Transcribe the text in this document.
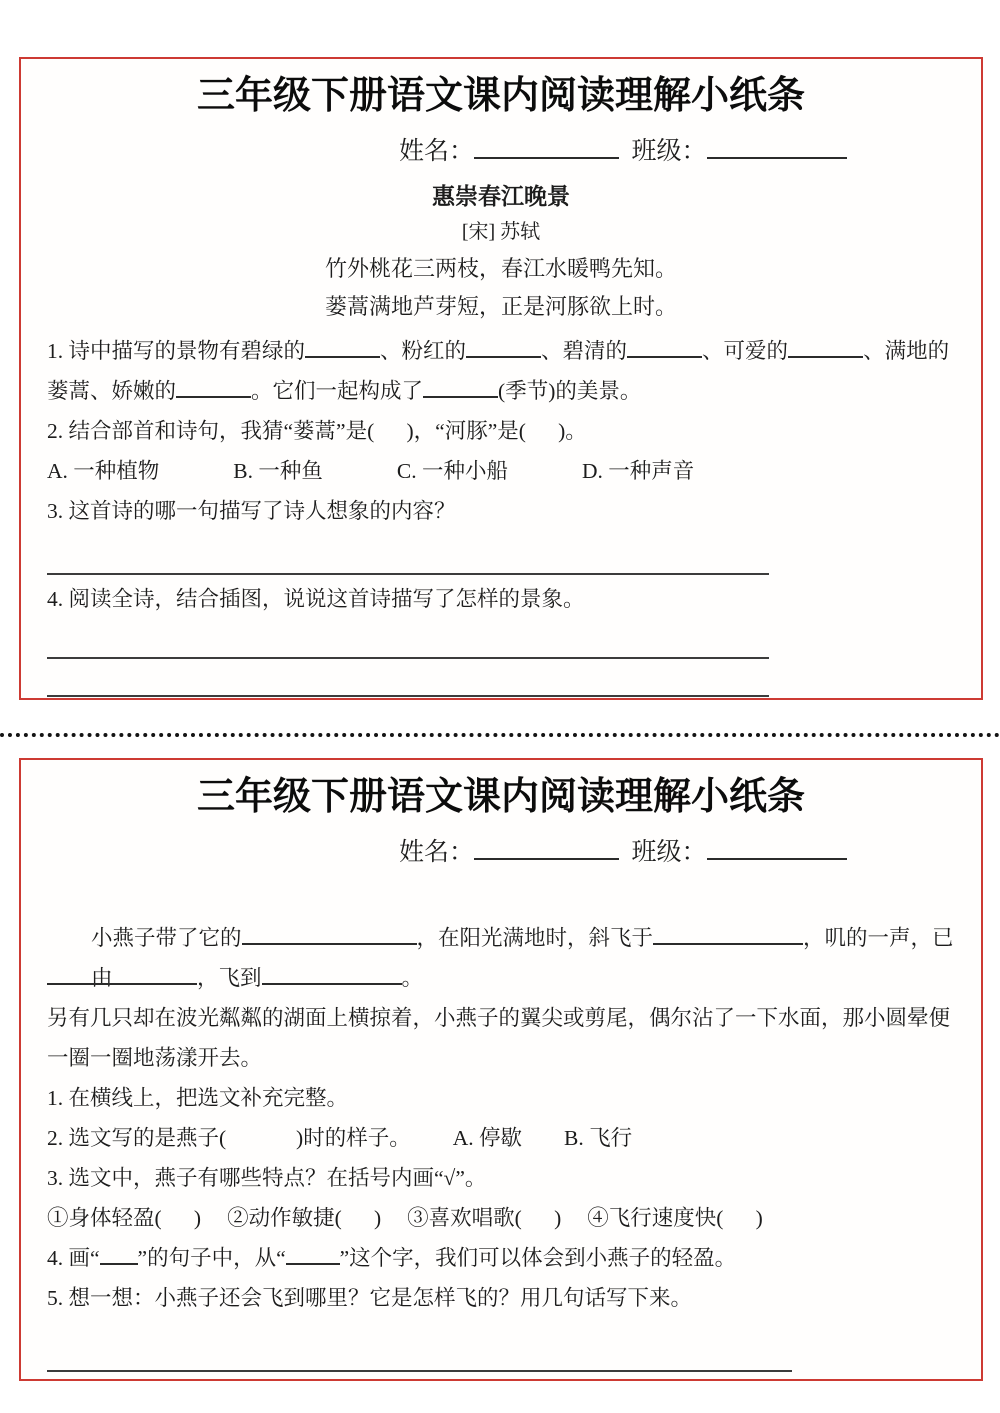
三年级下册语文课内阅读理解小纸条
姓名：	班级：
惠崇春江晚景
[宋] 苏轼
竹外桃花三两枝，春江水暖鸭先知。
蒌蒿满地芦芽短，正是河豚欲上时。
1. 诗中描写的景物有碧绿的	、粉红的	、碧清的	、可爱的	、满地的
蒌蒿、娇嫩的	。它们一起构成了	(季节)的美景。
2. 结合部首和诗句，我猜“蒌蒿”是(      )，“河豚”是(      )。
A. 一种植物	B. 一种鱼	C. 一种小船	D. 一种声音
3. 这首诗的哪一句描写了诗人想象的内容？
4. 阅读全诗，结合插图，说说这首诗描写了怎样的景象。
三年级下册语文课内阅读理解小纸条
姓名：	班级：
小燕子带了它的	，在阳光满地时，斜飞于	，叽的一声，已由	，飞到	。
另有几只却在波光粼粼的湖面上横掠着，小燕子的翼尖或剪尾，偶尔沾了一下水面，那小圆晕便一圈一圈地荡漾开去。
1. 在横线上，把选文补充完整。
2. 选文写的是燕子(             )时的样子。 A. 停歇 B. 飞行
3. 选文中，燕子有哪些特点？在括号内画“√”。
①身体轻盈(      ) ②动作敏捷(      ) ③喜欢唱歌(      ) ④飞行速度快(      )
4. 画“ ”的句子中，从“	”这个字，我们可以体会到小燕子的轻盈。
5. 想一想：小燕子还会飞到哪里？它是怎样飞的？用几句话写下来。
